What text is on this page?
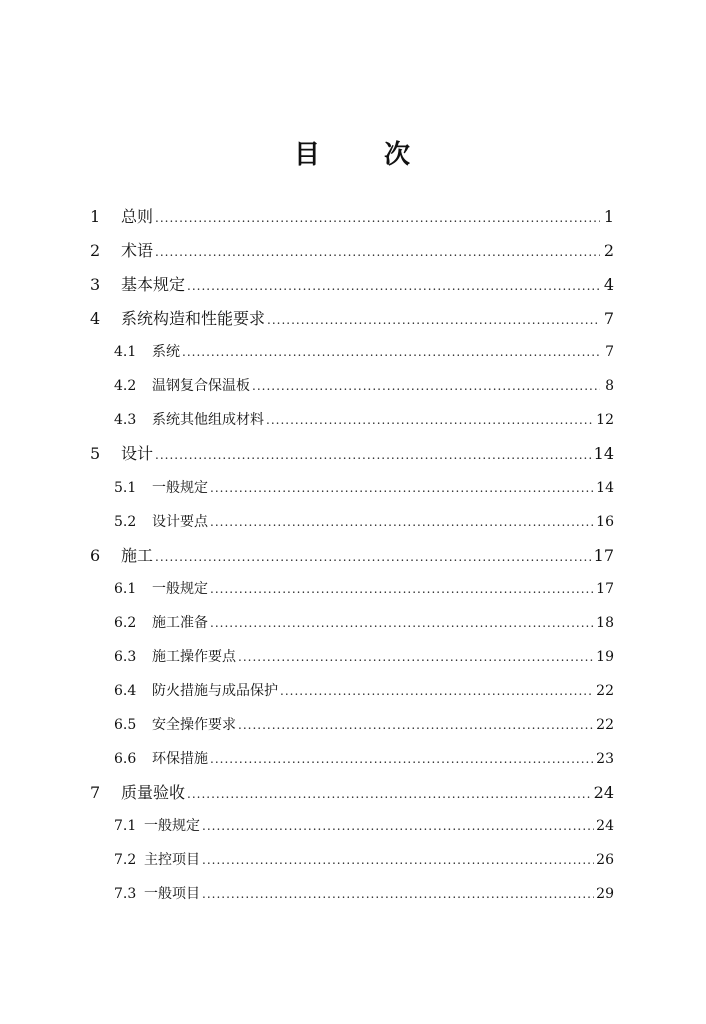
目 次
1	总则 .....	1
2	术语 .....	2
3	基本规定 .....	4
4	系统构造和性能要求 .....	7
4.1	系统 .....	7
4.2	温钢复合保温板 .....	8
4.3	系统其他组成材料 .....	12
5	设计 .....	14
5.1	一般规定 .....	14
5.2	设计要点 .....	16
6	施工 .....	17
6.1	一般规定 .....	17
6.2	施工准备 .....	18
6.3	施工操作要点 .....	19
6.4	防火措施与成品保护 .....	22
6.5	安全操作要求 .....	22
6.6	环保措施 .....	23
7	质量验收 .....	24
7.1 一般规定 .....	24
7.2 主控项目 .....	26
7.3 一般项目 .....	29
